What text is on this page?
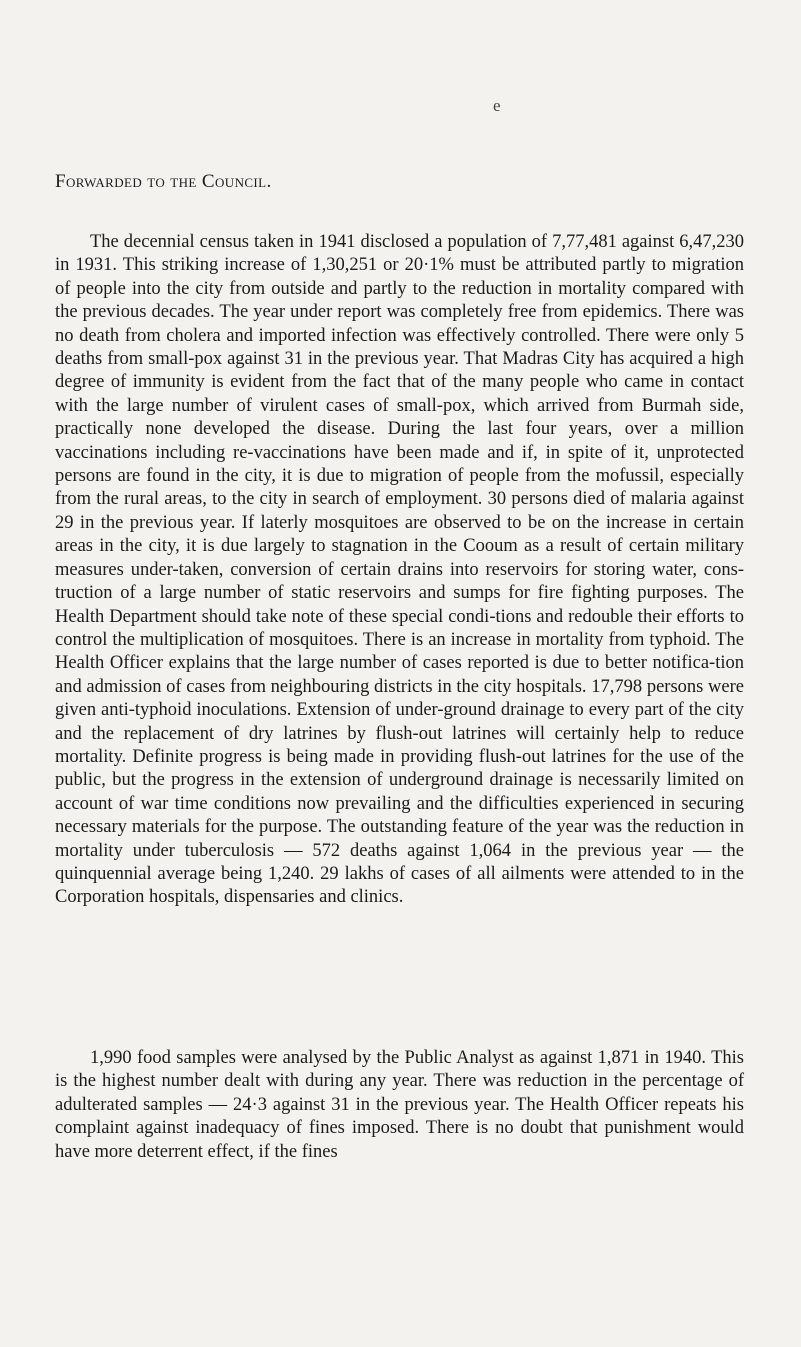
e
Forwarded to the Council.

The decennial census taken in 1941 disclosed a population of 7,77,481 against 6,47,230 in 1931. This striking increase of 1,30,251 or 20·1% must be attributed partly to migration of people into the city from outside and partly to the reduction in mortality compared with the previous decades. The year under report was completely free from epidemics. There was no death from cholera and imported infection was effectively controlled. There were only 5 deaths from small-pox against 31 in the previous year. That Madras City has acquired a high degree of immunity is evident from the fact that of the many people who came in contact with the large number of virulent cases of small-pox, which arrived from Burmah side, practically none developed the disease. During the last four years, over a million vaccinations including re-vaccinations have been made and if, in spite of it, unprotected persons are found in the city, it is due to migration of people from the mofussil, especially from the rural areas, to the city in search of employment. 30 persons died of malaria against 29 in the previous year. If laterly mosquitoes are observed to be on the increase in certain areas in the city, it is due largely to stagnation in the Cooum as a result of certain military measures under-taken, conversion of certain drains into reservoirs for storing water, cons-truction of a large number of static reservoirs and sumps for fire fighting purposes. The Health Department should take note of these special condi-tions and redouble their efforts to control the multiplication of mosquitoes. There is an increase in mortality from typhoid. The Health Officer explains that the large number of cases reported is due to better notifica-tion and admission of cases from neighbouring districts in the city hospitals. 17,798 persons were given anti-typhoid inoculations. Extension of under-ground drainage to every part of the city and the replacement of dry latrines by flush-out latrines will certainly help to reduce mortality. Definite progress is being made in providing flush-out latrines for the use of the public, but the progress in the extension of underground drainage is necessarily limited on account of war time conditions now prevailing and the difficulties experienced in securing necessary materials for the purpose. The outstanding feature of the year was the reduction in mortality under tuberculosis — 572 deaths against 1,064 in the previous year — the quinquennial average being 1,240. 29 lakhs of cases of all ailments were attended to in the Corporation hospitals, dispensaries and clinics.

1,990 food samples were analysed by the Public Analyst as against 1,871 in 1940. This is the highest number dealt with during any year. There was reduction in the percentage of adulterated samples — 24·3 against 31 in the previous year. The Health Officer repeats his complaint against inadequacy of fines imposed. There is no doubt that punishment would have more deterrent effect, if the fines
